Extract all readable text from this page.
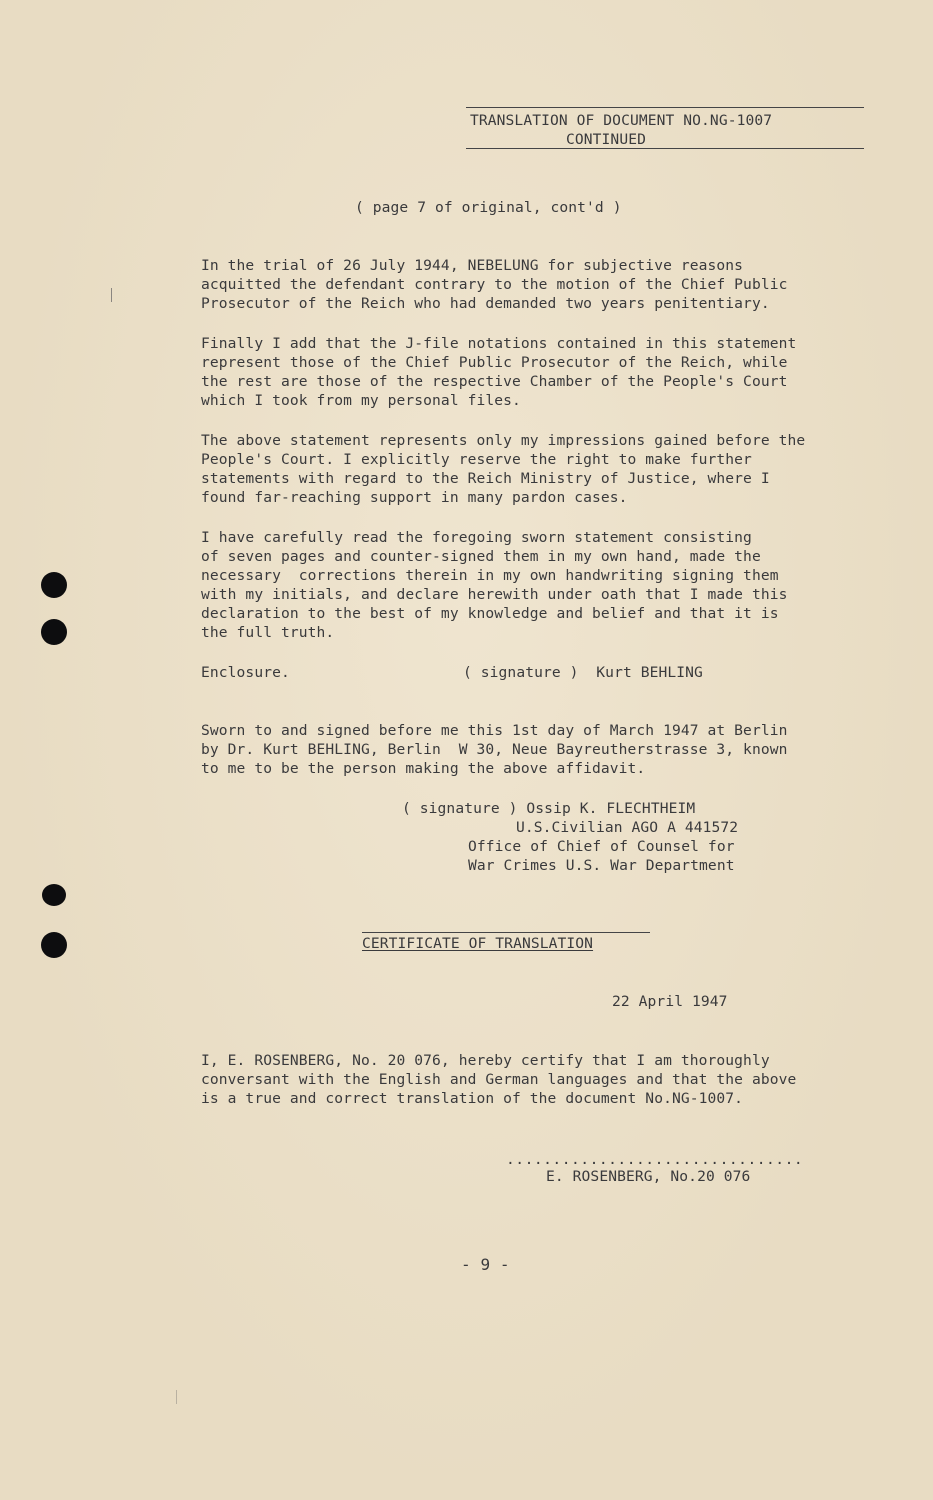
TRANSLATION OF DOCUMENT NO.NG-1007
CONTINUED
( page 7 of original, cont'd )
In the trial of 26 July 1944, NEBELUNG for subjective reasons
acquitted the defendant contrary to the motion of the Chief Public
Prosecutor of the Reich who had demanded two years penitentiary.
Finally I add that the J-file notations contained in this statement
represent those of the Chief Public Prosecutor of the Reich, while
the rest are those of the respective Chamber of the People's Court
which I took from my personal files.
The above statement represents only my impressions gained before the
People's Court. I explicitly reserve the right to make further
statements with regard to the Reich Ministry of Justice, where I
found far-reaching support in many pardon cases.
I have carefully read the foregoing sworn statement consisting
of seven pages and counter-signed them in my own hand, made the
necessary  corrections therein in my own handwriting signing them
with my initials, and declare herewith under oath that I made this
declaration to the best of my knowledge and belief and that it is
the full truth.
Enclosure.	( signature )  Kurt BEHLING
Sworn to and signed before me this 1st day of March 1947 at Berlin
by Dr. Kurt BEHLING, Berlin  W 30, Neue Bayreutherstrasse 3, known
to me to be the person making the above affidavit.
( signature ) Ossip K. FLECHTHEIM
U.S.Civilian AGO A 441572
Office of Chief of Counsel for
War Crimes U.S. War Department
CERTIFICATE OF TRANSLATION
22 April 1947
I, E. ROSENBERG, No. 20 076, hereby certify that I am thoroughly
conversant with the English and German languages and that the above
is a true and correct translation of the document No.NG-1007.
................................
E. ROSENBERG, No.20 076
- 9 -
